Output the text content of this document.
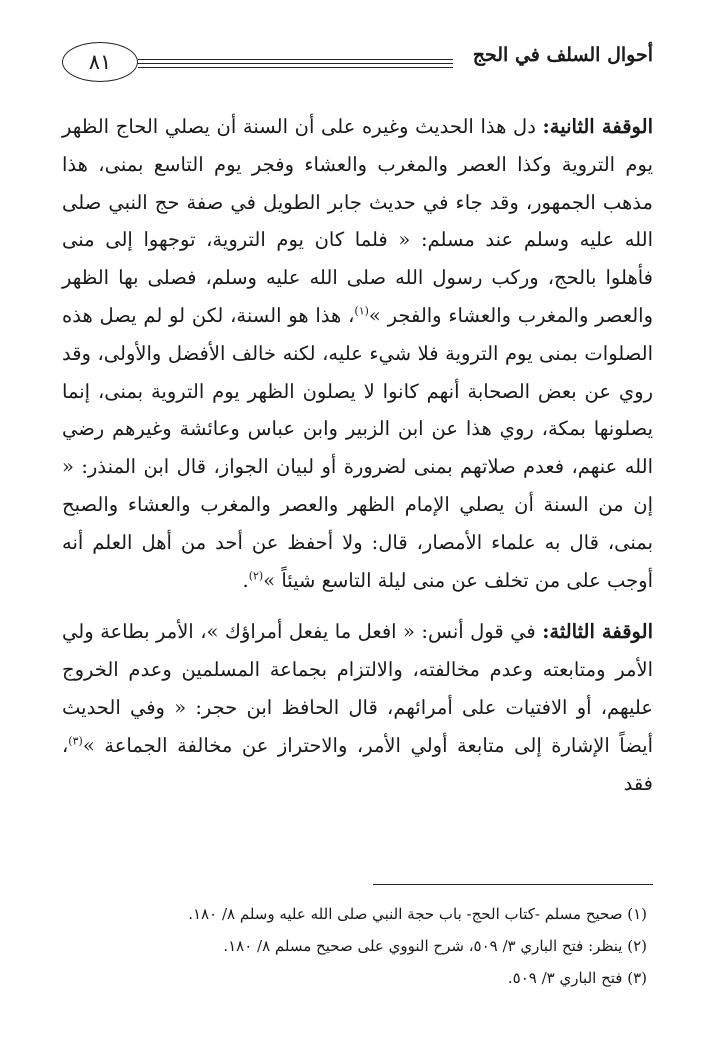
أحوال السلف في الحج
٨١

الوقفة الثانية: دل هذا الحديث وغيره على أن السنة أن يصلي الحاج الظهر يوم التروية وكذا العصر والمغرب والعشاء وفجر يوم التاسع بمنى، هذا مذهب الجمهور، وقد جاء في حديث جابر الطويل في صفة حج النبي صلى الله عليه وسلم عند مسلم: « فلما كان يوم التروية، توجهوا إلى منى فأهلوا بالحج، وركب رسول الله صلى الله عليه وسلم، فصلى بها الظهر والعصر والمغرب والعشاء والفجر »$^{(١)}$، هذا هو السنة، لكن لو لم يصل هذه الصلوات بمنى يوم التروية فلا شيء عليه، لكنه خالف الأفضل والأولى، وقد روي عن بعض الصحابة أنهم كانوا لا يصلون الظهر يوم التروية بمنى، إنما يصلونها بمكة، روي هذا عن ابن الزبير وابن عباس وعائشة وغيرهم رضي الله عنهم، فعدم صلاتهم بمنى لضرورة أو لبيان الجواز، قال ابن المنذر: « إن من السنة أن يصلي الإمام الظهر والعصر والمغرب والعشاء والصبح بمنى، قال به علماء الأمصار، قال: ولا أحفظ عن أحد من أهل العلم أنه أوجب على من تخلف عن منى ليلة التاسع شيئاً »$^{(٢)}$.

الوقفة الثالثة: في قول أنس: « افعل ما يفعل أمراؤك »، الأمر بطاعة ولي الأمر ومتابعته وعدم مخالفته، والالتزام بجماعة المسلمين وعدم الخروج عليهم، أو الافتيات على أمرائهم، قال الحافظ ابن حجر: « وفي الحديث أيضاً الإشارة إلى متابعة أولي الأمر، والاحتراز عن مخالفة الجماعة »$^{(٣)}$، فقد

(١) صحيح مسلم -كتاب الحج- باب حجة النبي صلى الله عليه وسلم ٨/ ١٨٠.
(٢) ينظر: فتح الباري ٣/ ٥٠٩، شرح النووي على صحيح مسلم ٨/ ١٨٠.
(٣) فتح الباري ٣/ ٥٠٩.
